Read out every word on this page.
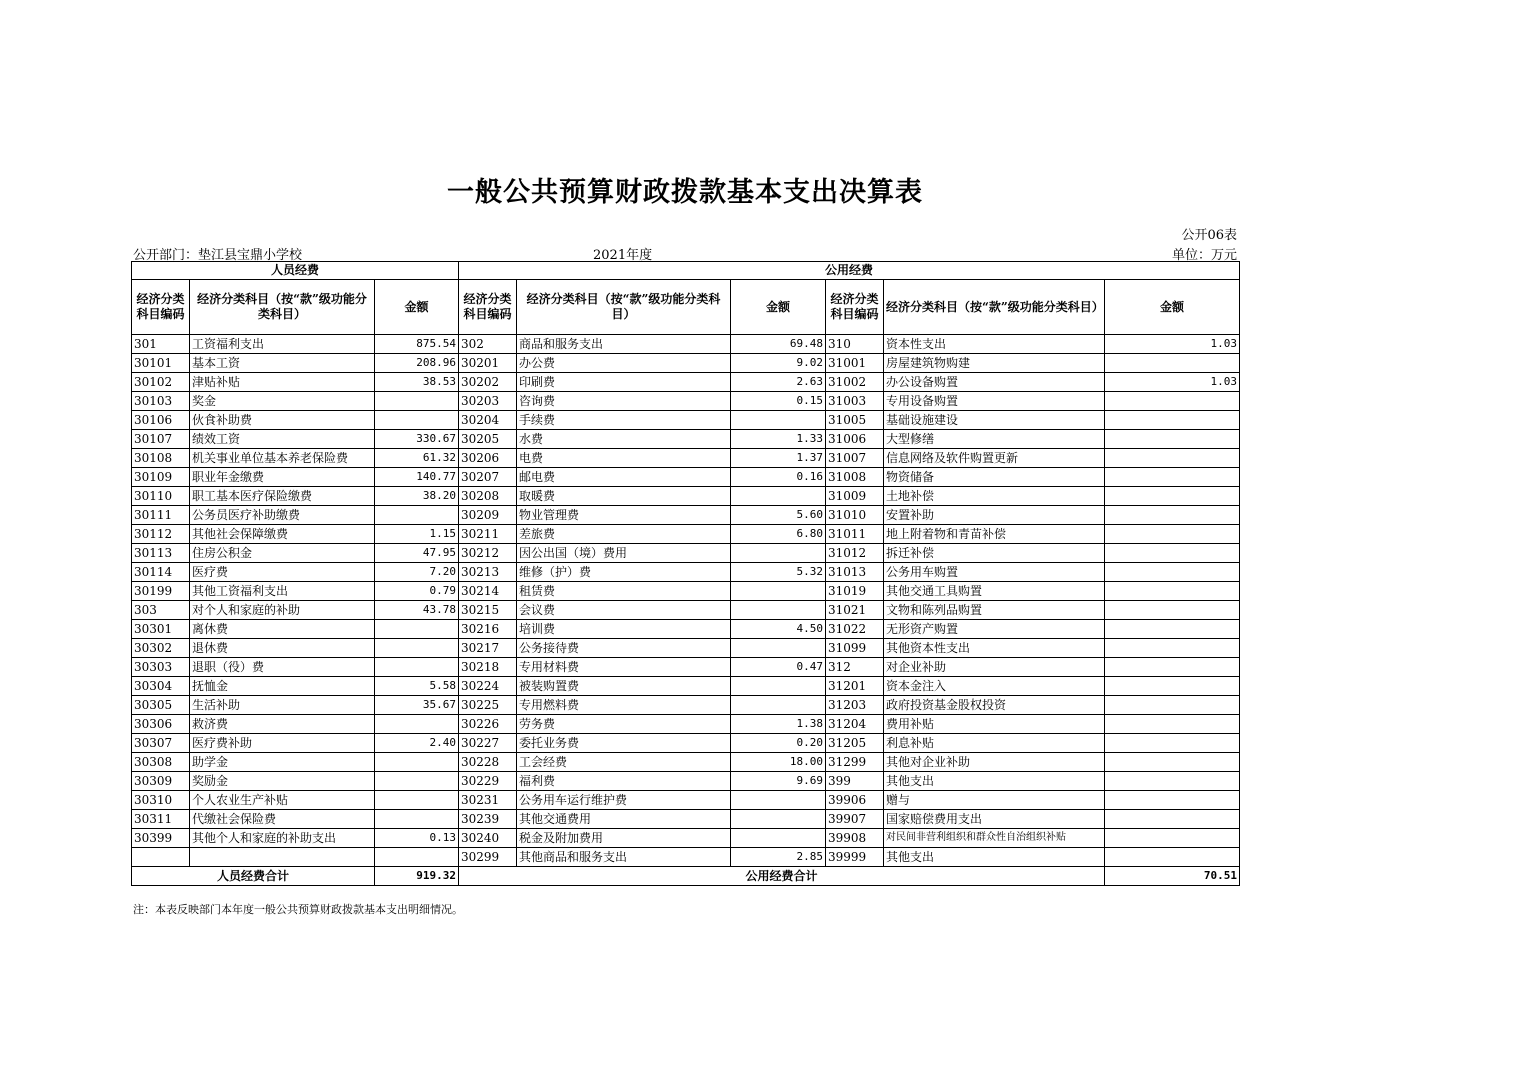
一般公共预算财政拨款基本支出决算表
公开06表
公开部门：垫江县宝鼎小学校	2021年度	单位：万元
人员经费			公用经费					
经济分类科目编码	经济分类科目（按“款”级功能分类科目）	金额	经济分类科目编码	经济分类科目（按“款”级功能分类科目）	金额	经济分类科目编码	经济分类科目（按“款”级功能分类科目）	金额
301	工资福利支出	875.54	302	商品和服务支出	69.48	310	资本性支出	1.03
30101	基本工资	208.96	30201	办公费	9.02	31001	房屋建筑物购建	
30102	津贴补贴	38.53	30202	印刷费	2.63	31002	办公设备购置	1.03
30103	奖金		30203	咨询费	0.15	31003	专用设备购置	
30106	伙食补助费		30204	手续费		31005	基础设施建设	
30107	绩效工资	330.67	30205	水费	1.33	31006	大型修缮	
30108	机关事业单位基本养老保险费	61.32	30206	电费	1.37	31007	信息网络及软件购置更新	
30109	职业年金缴费	140.77	30207	邮电费	0.16	31008	物资储备	
30110	职工基本医疗保险缴费	38.20	30208	取暖费		31009	土地补偿	
30111	公务员医疗补助缴费		30209	物业管理费	5.60	31010	安置补助	
30112	其他社会保障缴费	1.15	30211	差旅费	6.80	31011	地上附着物和青苗补偿	
30113	住房公积金	47.95	30212	因公出国（境）费用		31012	拆迁补偿	
30114	医疗费	7.20	30213	维修（护）费	5.32	31013	公务用车购置	
30199	其他工资福利支出	0.79	30214	租赁费		31019	其他交通工具购置	
303	对个人和家庭的补助	43.78	30215	会议费		31021	文物和陈列品购置	
30301	离休费		30216	培训费	4.50	31022	无形资产购置	
30302	退休费		30217	公务接待费		31099	其他资本性支出	
30303	退职（役）费		30218	专用材料费	0.47	312	对企业补助	
30304	抚恤金	5.58	30224	被装购置费		31201	资本金注入	
30305	生活补助	35.67	30225	专用燃料费		31203	政府投资基金股权投资	
30306	救济费		30226	劳务费	1.38	31204	费用补贴	
30307	医疗费补助	2.40	30227	委托业务费	0.20	31205	利息补贴	
30308	助学金		30228	工会经费	18.00	31299	其他对企业补助	
30309	奖励金		30229	福利费	9.69	399	其他支出	
30310	个人农业生产补贴		30231	公务用车运行维护费		39906	赠与	
30311	代缴社会保险费		30239	其他交通费用		39907	国家赔偿费用支出	
30399	其他个人和家庭的补助支出	0.13	30240	税金及附加费用		39908	对民间非营利组织和群众性自治组织补贴	
			30299	其他商品和服务支出	2.85	39999	其他支出	
人员经费合计		919.32	公用经费合计					70.51
注：本表反映部门本年度一般公共预算财政拨款基本支出明细情况。
